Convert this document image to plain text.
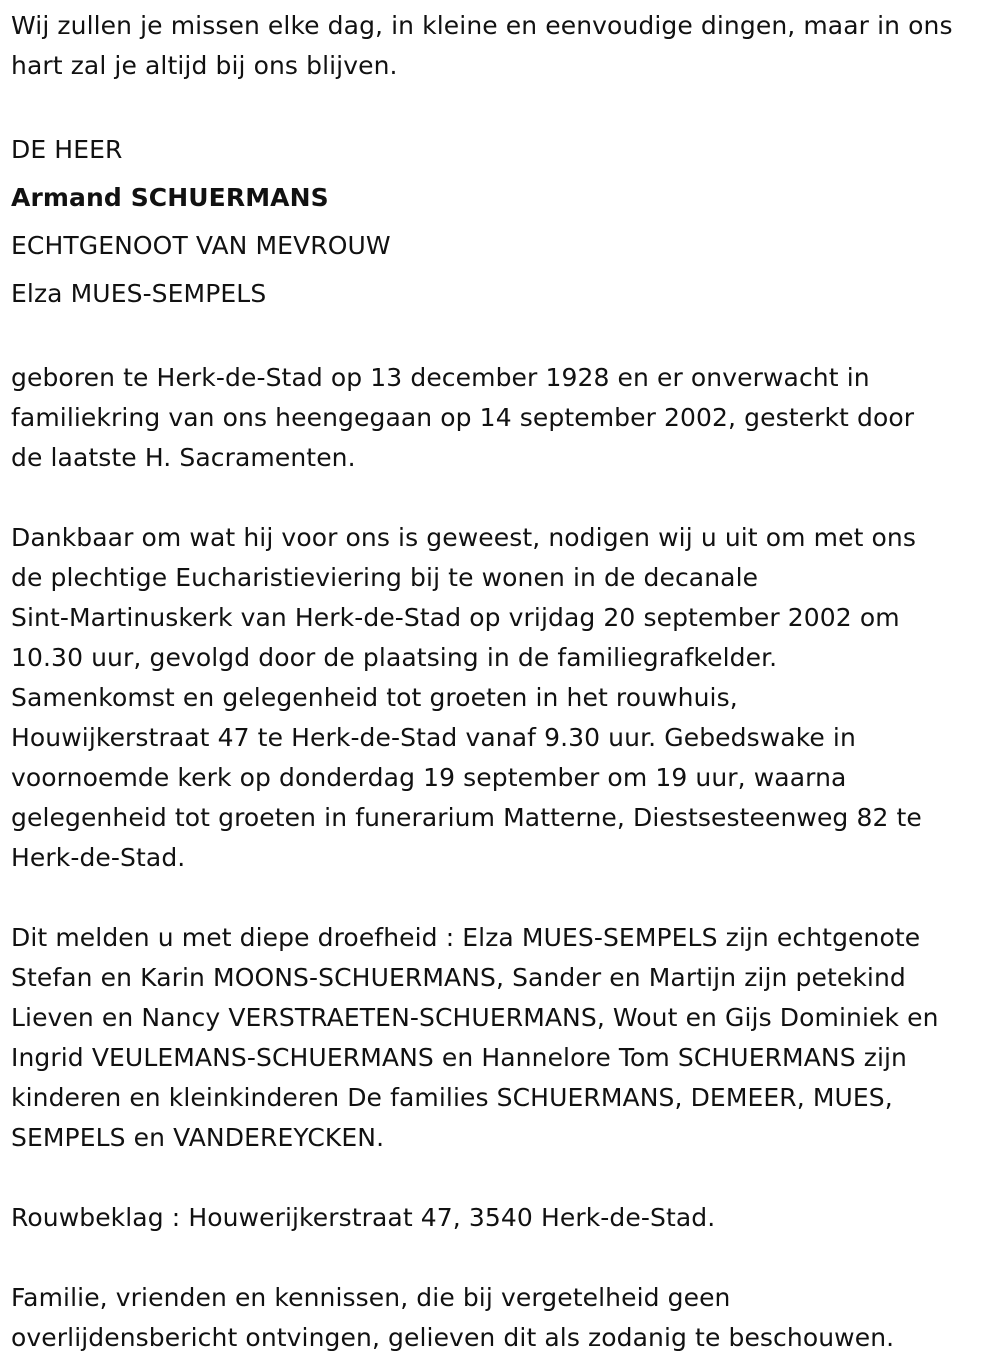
Wij zullen je missen elke dag, in kleine en eenvoudige dingen, maar in ons
hart zal je altijd bij ons blijven.

DE HEER
Armand SCHUERMANS
ECHTGENOOT VAN MEVROUW
Elza MUES-SEMPELS

geboren te Herk-de-Stad op 13 december 1928 en er onverwacht in
familiekring van ons heengegaan op 14 september 2002, gesterkt door
de laatste H. Sacramenten.

Dankbaar om wat hij voor ons is geweest, nodigen wij u uit om met ons
de plechtige Eucharistieviering bij te wonen in de decanale
Sint-Martinuskerk van Herk-de-Stad op vrijdag 20 september 2002 om
10.30 uur, gevolgd door de plaatsing in de familiegrafkelder.
Samenkomst en gelegenheid tot groeten in het rouwhuis,
Houwijkerstraat 47 te Herk-de-Stad vanaf 9.30 uur. Gebedswake in
voornoemde kerk op donderdag 19 september om 19 uur, waarna
gelegenheid tot groeten in funerarium Matterne, Diestsesteenweg 82 te
Herk-de-Stad.

Dit melden u met diepe droefheid : Elza MUES-SEMPELS zijn echtgenote
Stefan en Karin MOONS-SCHUERMANS, Sander en Martijn zijn petekind
Lieven en Nancy VERSTRAETEN-SCHUERMANS, Wout en Gijs Dominiek en
Ingrid VEULEMANS-SCHUERMANS en Hannelore Tom SCHUERMANS zijn
kinderen en kleinkinderen De families SCHUERMANS, DEMEER, MUES,
SEMPELS en VANDEREYCKEN.

Rouwbeklag : Houwerijkerstraat 47, 3540 Herk-de-Stad.

Familie, vrienden en kennissen, die bij vergetelheid geen
overlijdensbericht ontvingen, gelieven dit als zodanig te beschouwen.
